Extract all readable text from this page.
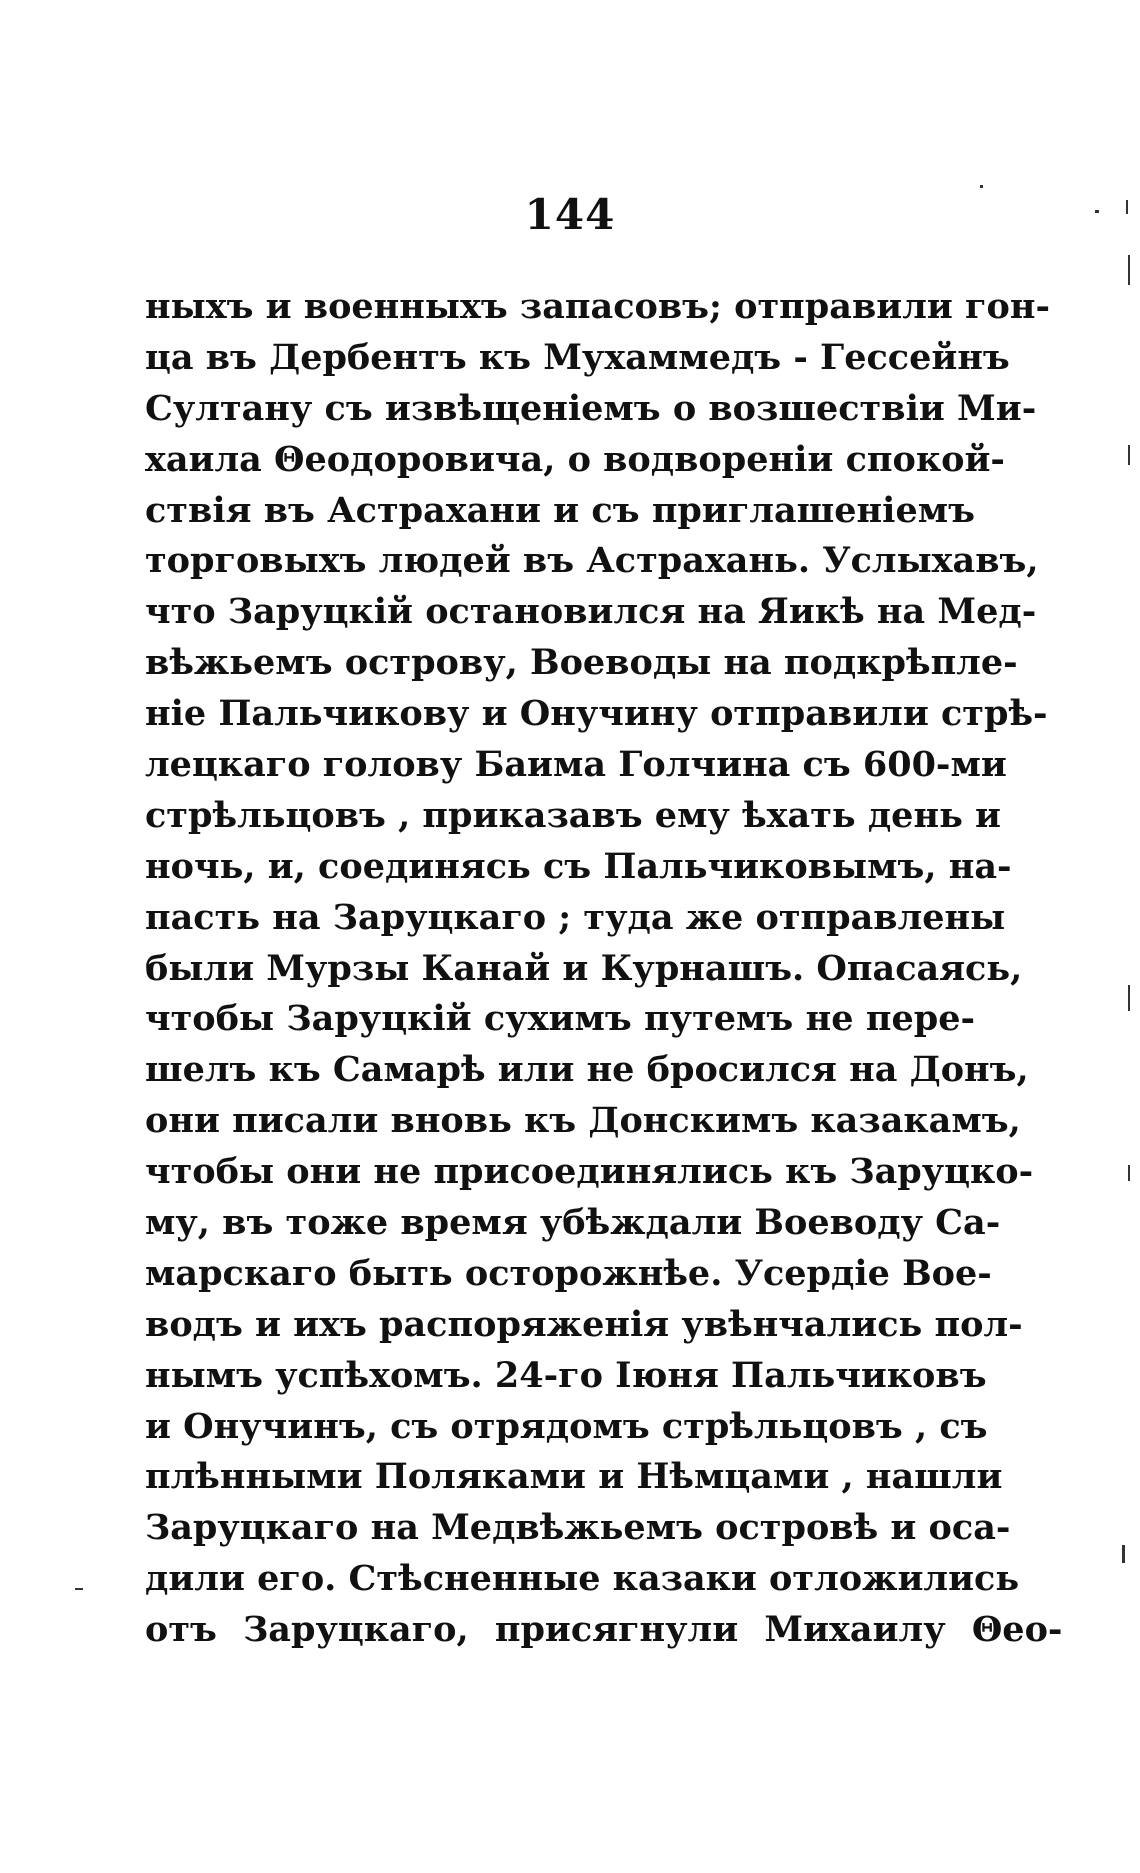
144
ныхъ и военныхъ запасовъ; отправили гон-
ца въ Дербентъ къ Мухаммедъ - Гессейнъ
Султану съ извѣщеніемъ о возшествіи Ми-
хаила Θеодоровича, о водвореніи спокой-
ствія въ Астрахани и съ приглашеніемъ
торговыхъ людей въ Астрахань. Услыхавъ,
что Заруцкій остановился на Яикѣ на Мед-
вѣжьемъ острову, Воеводы на подкрѣпле-
ніе Пальчикову и Онучину отправили стрѣ-
лецкаго голову Баима Голчина съ 600-ми
стрѣльцовъ , приказавъ ему ѣхать день и
ночь, и, соединясь съ Пальчиковымъ, на-
пасть на Заруцкаго ; туда же отправлены
были Мурзы Канай и Курнашъ. Опасаясь,
чтобы Заруцкій сухимъ путемъ не пере-
шелъ къ Самарѣ или не бросился на Донъ,
они писали вновь къ Донскимъ казакамъ,
чтобы они не присоединялись къ Заруцко-
му, въ тоже время убѣждали Воеводу Са-
марскаго быть осторожнѣе. Усердіе Вое-
водъ и ихъ распоряженія увѣнчались пол-
нымъ успѣхомъ. 24-го Іюня Пальчиковъ
и Онучинъ, съ отрядомъ стрѣльцовъ , съ
плѣнными Поляками и Нѣмцами , нашли
Заруцкаго на Медвѣжьемъ островѣ и оса-
дили его. Стѣсненные казаки отложились
отъ Заруцкаго, присягнули Михаилу Θео-
